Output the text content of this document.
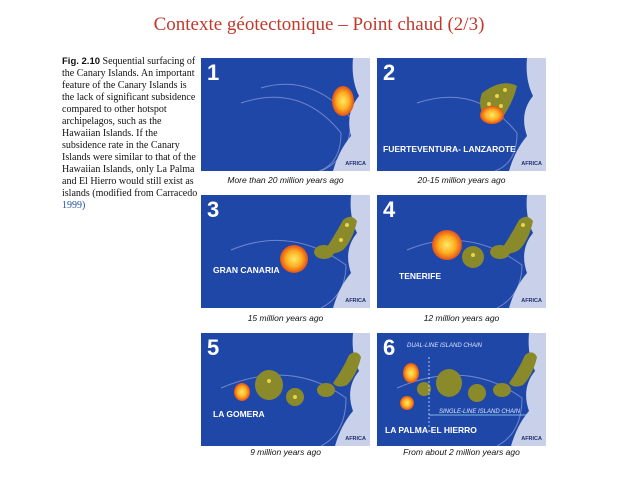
Contexte géotectonique – Point chaud (2/3)
Fig. 2.10 Sequential surfacing of the Canary Islands. An important feature of the Canary Islands is the lack of significant subsidence compared to other hotspot archipelagos, such as the Hawaiian Islands. If the subsidence rate in the Canary Islands were similar to that of the Hawaiian Islands, only La Palma and El Hierro would still exist as islands (modified from Carracedo 1999)
1
AFRICA
More than 20 million years ago
2
FUERTEVENTURA- LANZAROTE
AFRICA
20-15 million years ago
3
GRAN CANARIA
AFRICA
15 million years ago
4
TENERIFE
AFRICA
12 million years ago
5
LA GOMERA
AFRICA
9 million years ago
6 DUAL-LINE ISLAND CHAIN
SINGLE-LINE ISLAND CHAIN
LA PALMA-EL HIERRO
AFRICA
From about 2 million years ago
